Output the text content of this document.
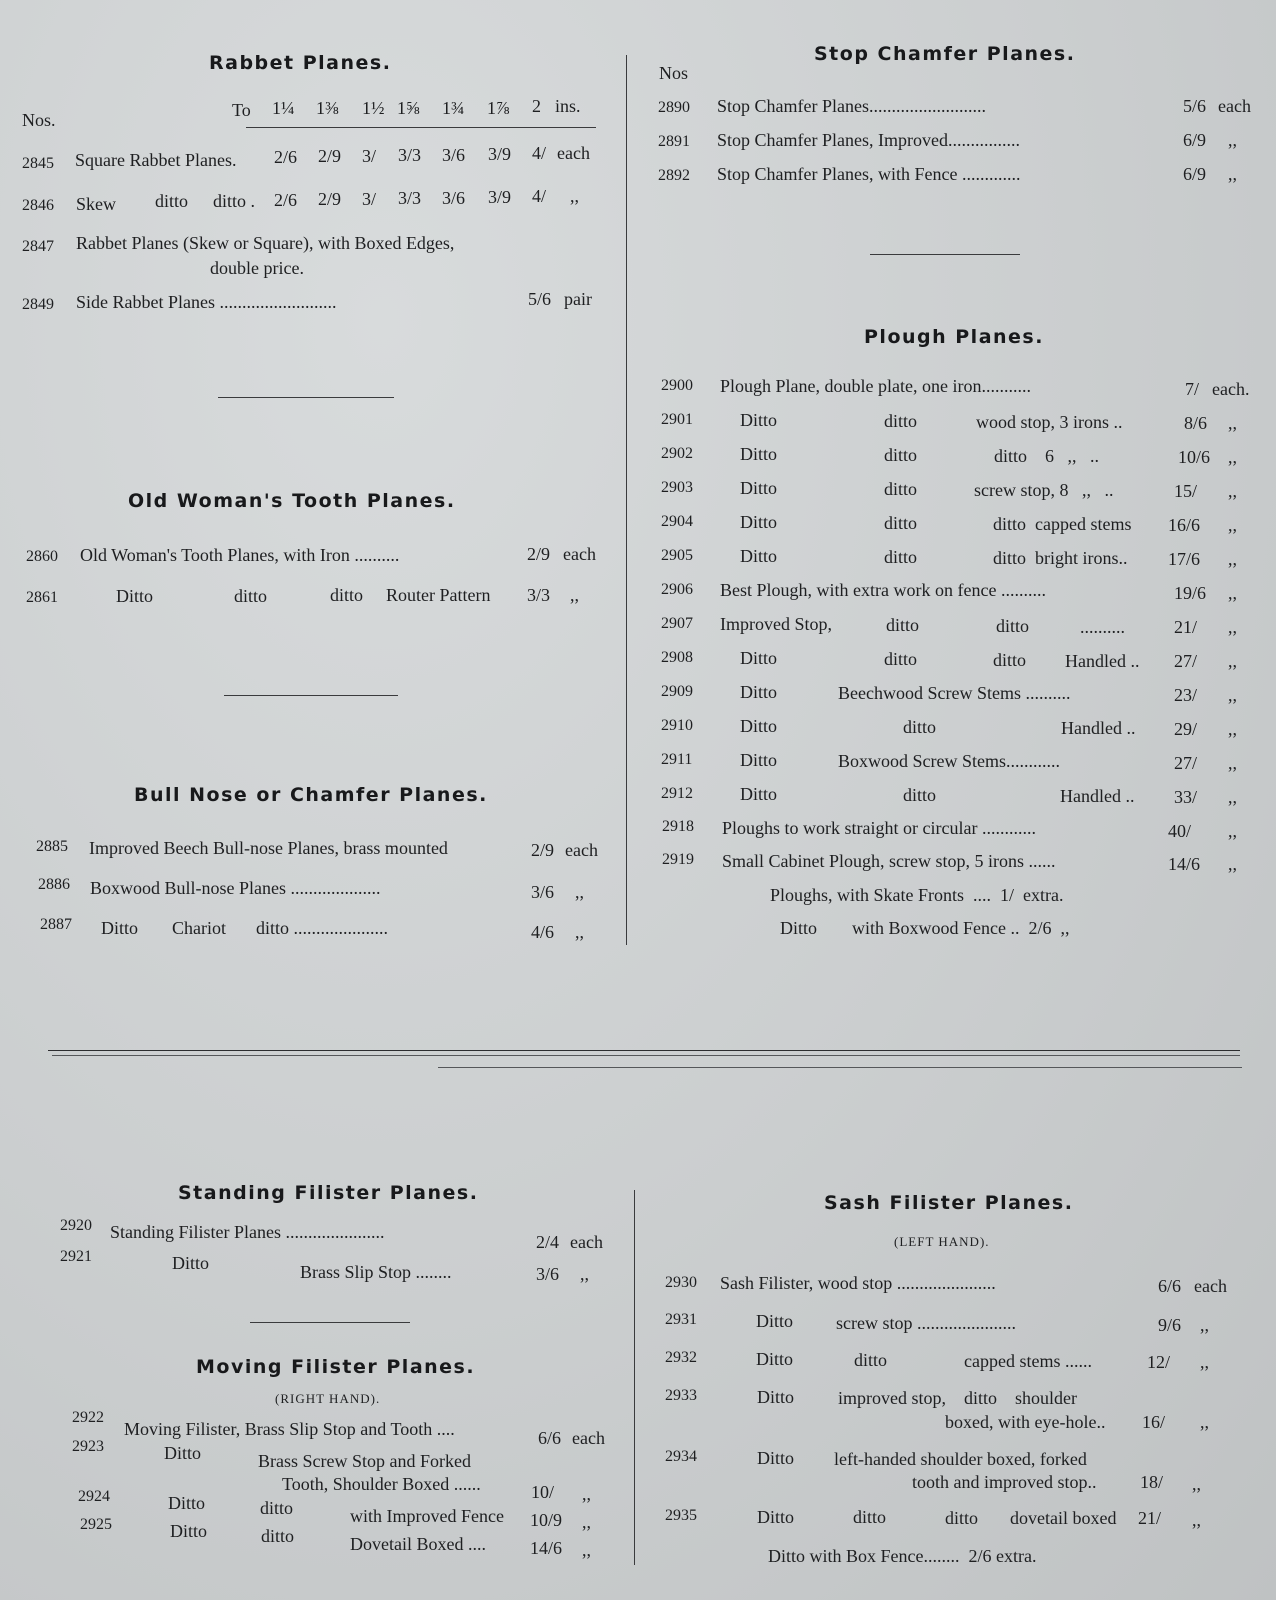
Rabbet Planes.
Nos.	To 1¼ 1⅜ 1½ 1⅝ 1¾ 1⅞ 2 ins.
2845 Square Rabbet Planes. 2/6 2/9 3/ 3/3 3/6 3/9 4/ each
2846 Skew ditto ditto . 2/6 2/9 3/ 3/3 3/6 3/9 4/ ,,
2847 Rabbet Planes (Skew or Square), with Boxed Edges,
double price.
2849 Side Rabbet Planes ..........................	5/6 pair
Old Woman's Tooth Planes.
2860 Old Woman's Tooth Planes, with Iron ..........	2/9 each
2861	Ditto	ditto	ditto Router Pattern 3/3 ,,
Bull Nose or Chamfer Planes.
2885 Improved Beech Bull-nose Planes, brass mounted	2/9 each
2886 Boxwood Bull-nose Planes ....................	3/6 ,,
2887 Ditto Chariot ditto .....................	4/6 ,,
Stop Chamfer Planes.
Nos
2890 Stop Chamfer Planes..........................	5/6 each
2891 Stop Chamfer Planes, Improved................	6/9 ,,
2892 Stop Chamfer Planes, with Fence .............	6/9 ,,
Plough Planes.
2900 Plough Plane, double plate, one iron...........	7/ each.
2901	Ditto	ditto	wood stop, 3 irons ..	8/6 ,,
2902	Ditto	ditto	ditto    6   ,,   ..	10/6 ,,
2903	Ditto	ditto	screw stop, 8   ,,   ..	15/ ,,
2904	Ditto	ditto	ditto  capped stems 16/6 ,,
2905	Ditto	ditto	ditto  bright irons.. 17/6 ,,
2906 Best Plough, with extra work on fence ..........	19/6 ,,
2907 Improved Stop,	ditto	ditto	..........	21/ ,,
2908	Ditto	ditto	ditto Handled .. 27/ ,,
2909	Ditto	Beechwood Screw Stems ..........	23/ ,,
2910	Ditto	ditto	Handled .. 29/ ,,
2911	Ditto	Boxwood Screw Stems............	27/ ,,
2912	Ditto	ditto	Handled .. 33/ ,,
2918 Ploughs to work straight or circular ............	40/ ,,
2919 Small Cabinet Plough, screw stop, 5 irons ......	14/6 ,,
Ploughs, with Skate Fronts  ....  1/  extra.
Ditto with Boxwood Fence ..  2/6  ,,
Standing Filister Planes.
2920 Standing Filister Planes ......................	2/4 each
2921	Ditto	Brass Slip Stop ........	3/6 ,,
Moving Filister Planes.
(RIGHT HAND).
2922
Moving Filister, Brass Slip Stop and Tooth ....	6/6 each
2923	Ditto	Brass Screw Stop and Forked
Tooth, Shoulder Boxed ......	10/ ,,
2924	Ditto	ditto	with Improved Fence 10/9 ,,
2925	Ditto	ditto	Dovetail Boxed .... 14/6 ,,
Sash Filister Planes.
(LEFT HAND).
2930 Sash Filister, wood stop ......................	6/6 each
2931	Ditto screw stop ......................	9/6 ,,
2932	Ditto	ditto	capped stems ......	12/ ,,
2933	Ditto improved stop,    ditto    shoulder
boxed, with eye-hole.. 16/ ,,
2934	Ditto left-handed shoulder boxed, forked
tooth and improved stop.. 18/ ,,
2935	Ditto	ditto	ditto dovetail boxed 21/ ,,
Ditto with Box Fence........  2/6 extra.
